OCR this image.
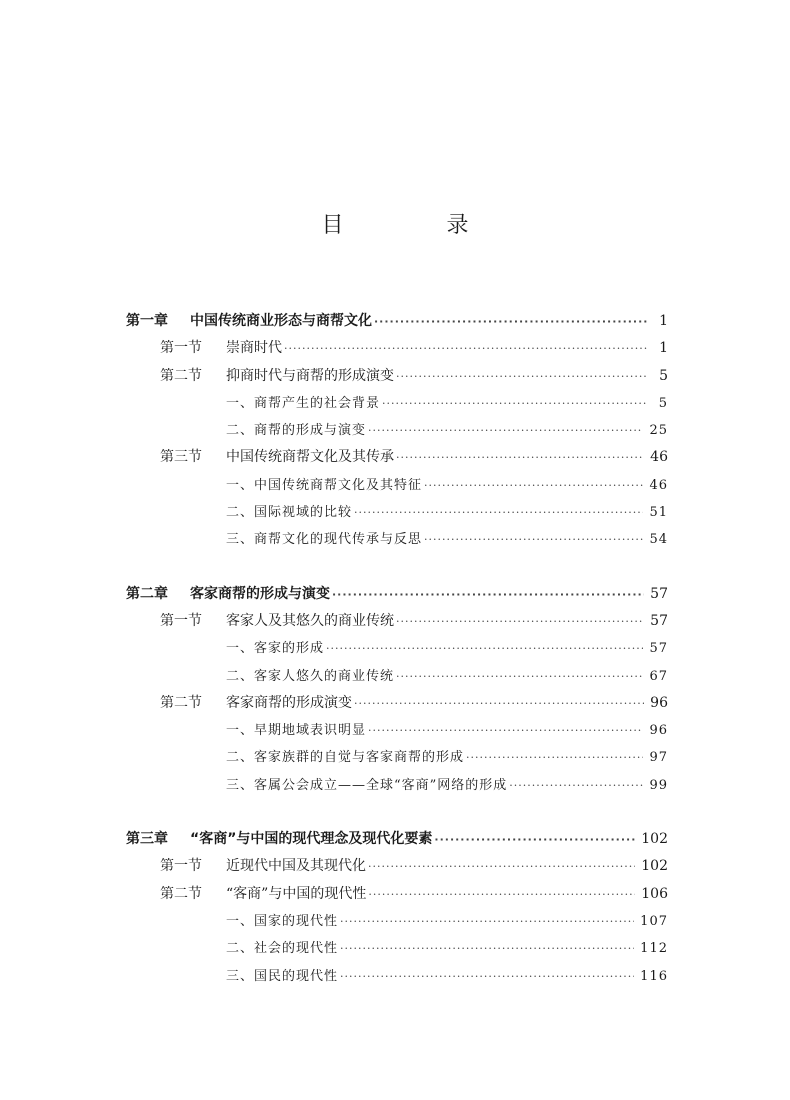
目 录
第一章	中国传统商业形态与商帮文化 ·····	1
第一节	崇商时代 ·····	1
第二节	抑商时代与商帮的形成演变 ·····	5
一、商帮产生的社会背景 ·····	5
二、商帮的形成与演变 ·····	25
第三节	中国传统商帮文化及其传承 ·····	46
一、中国传统商帮文化及其特征 ·····	46
二、国际视域的比较 ·····	51
三、商帮文化的现代传承与反思 ·····	54
第二章	客家商帮的形成与演变 ·····	57
第一节	客家人及其悠久的商业传统 ·····	57
一、客家的形成 ·····	57
二、客家人悠久的商业传统 ·····	67
第二节	客家商帮的形成演变 ·····	96
一、早期地域表识明显 ·····	96
二、客家族群的自觉与客家商帮的形成 ·····	97
三、客属公会成立——全球“客商”网络的形成 ·····	99
第三章	“客商”与中国的现代理念及现代化要素 ·····	102
第一节	近现代中国及其现代化 ·····	102
第二节	“客商”与中国的现代性 ·····	106
一、国家的现代性 ·····	107
二、社会的现代性 ·····	112
三、国民的现代性 ·····	116
